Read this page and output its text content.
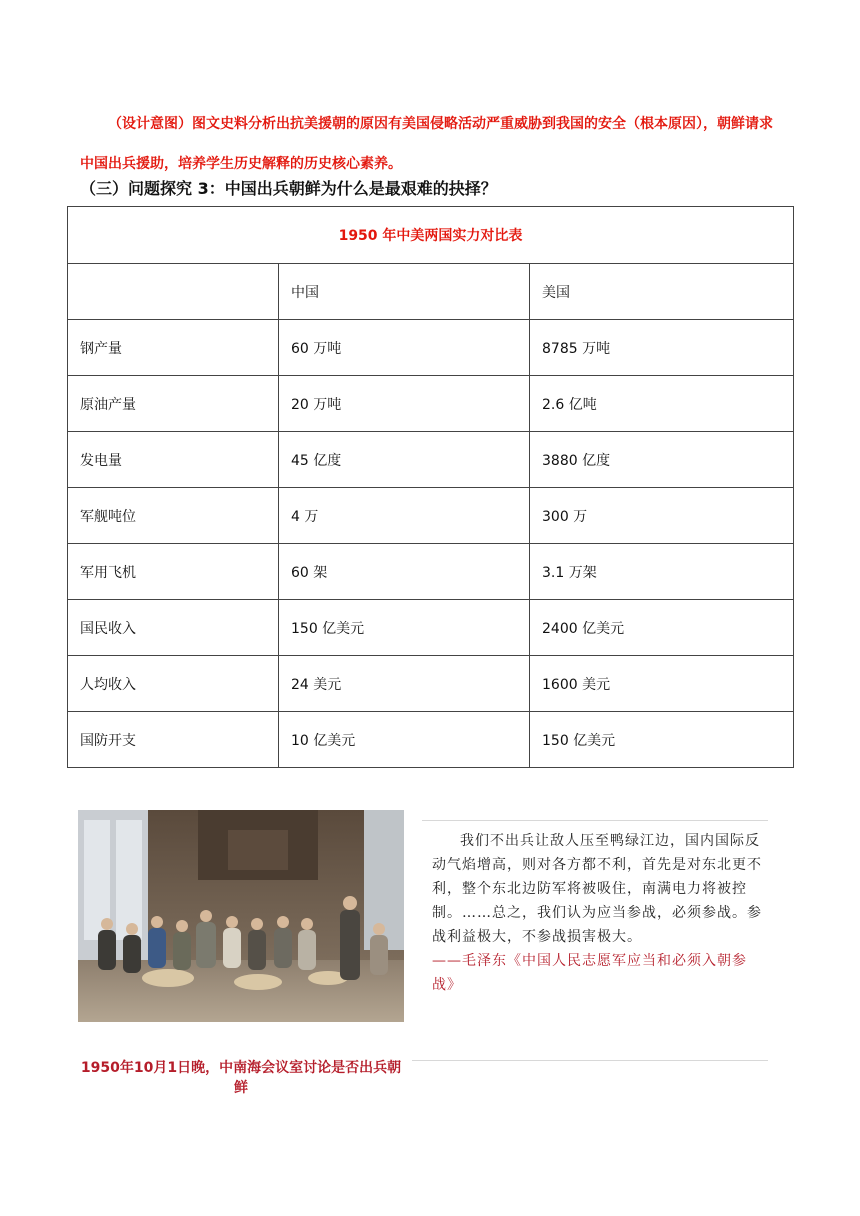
（设计意图）图文史料分析出抗美援朝的原因有美国侵略活动严重威胁到我国的安全（根本原因），朝鲜请求中国出兵援助，培养学生历史解释的历史核心素养。
（三）问题探究 3：中国出兵朝鲜为什么是最艰难的抉择？
1950 年中美两国实力对比表		
	中国	美国
钢产量	60 万吨	8785 万吨
原油产量	20 万吨	2.6 亿吨
发电量	45 亿度	3880 亿度
军舰吨位	4 万	300 万
军用飞机	60 架	3.1 万架
国民收入	150 亿美元	2400 亿美元
人均收入	24 美元	1600 美元
国防开支	10 亿美元	150 亿美元
1950年10月1日晚，中南海会议室讨论是否出兵朝鲜

我们不出兵让敌人压至鸭绿江边，国内国际反动气焰增高，则对各方都不利，首先是对东北更不利，整个东北边防军将被吸住，南满电力将被控制。……总之，我们认为应当参战，必须参战。参战利益极大，不参战损害极大。

——毛泽东《中国人民志愿军应当和必须入朝参战》
